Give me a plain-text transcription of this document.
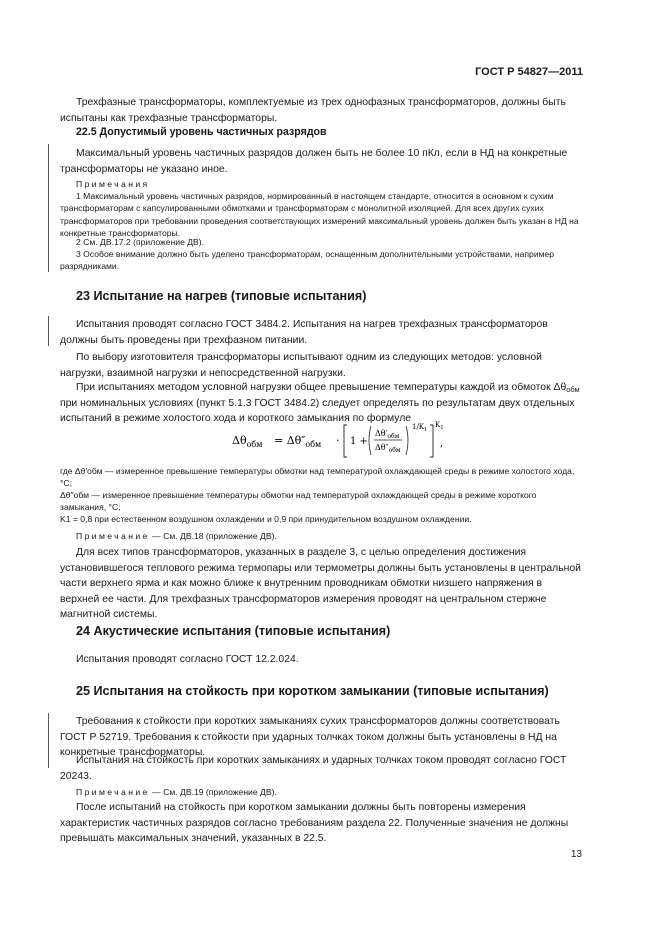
ГОСТ Р 54827—2011

Трехфазные трансформаторы, комплектуемые из трех однофазных трансформаторов, должны быть испытаны как трехфазные трансформаторы.

22.5 Допустимый уровень частичных разрядов

Максимальный уровень частичных разрядов должен быть не более 10 пКл, если в НД на конкретные трансформаторы не указано иное.

Примечания

1 Максимальный уровень частичных разрядов, нормированный в настоящем стандарте, относится в основном к сухим трансформаторам с капсулированными обмотками и трансформаторам с монолитной изоляцией. Для всех других сухих трансформаторов при требовании проведения соответствующих измерений максимальный уровень должен быть указан в НД на конкретные трансформаторы.

2 См. ДВ.17.2 (приложение ДВ).

3 Особое внимание должно быть уделено трансформаторам, оснащенным дополнительными устройствами, например разрядниками.

23 Испытание на нагрев (типовые испытания)

Испытания проводят согласно ГОСТ 3484.2. Испытания на нагрев трехфазных трансформаторов должны быть проведены при трехфазном питании.

По выбору изготовителя трансформаторы испытывают одним из следующих методов: условной нагрузки, взаимной нагрузки и непосредственной нагрузки.

При испытаниях методом условной нагрузки общее превышение температуры каждой из обмоток Δθобм при номинальных условиях (пункт 5.1.3 ГОСТ 3484.2) следует определять по результатам двух отдельных испытаний в режиме холостого хода и короткого замыкания по формуле

$\Delta\theta_{обм} = \Delta\theta''_{обм} \cdot 1$ +
$\Delta\theta'_{обм}$
$\Delta\theta''_{обм}$
$1/K_1$
$K_1$
,

где Δθ′обм — измеренное превышение температуры обмотки над температурой охлаждающей среды в режиме холостого хода, °С;

Δθ″обм — измеренное превышение температуры обмотки над температурой охлаждающей среды в режиме короткого замыкания, °С;

K1 = 0,8 при естественном воздушном охлаждении и 0,9 при принудительном воздушном охлаждении.

Примечание — См. ДВ.18 (приложение ДВ).

Для всех типов трансформаторов, указанных в разделе 3, с целью определения достижения установившегося теплового режима термопары или термометры должны быть установлены в центральной части верхнего ярма и как можно ближе к внутренним проводникам обмотки низшего напряжения в верхней ее части. Для трехфазных трансформаторов измерения проводят на центральном стержне магнитной системы.

24 Акустические испытания (типовые испытания)

Испытания проводят согласно ГОСТ 12.2.024.

25 Испытания на стойкость при коротком замыкании (типовые испытания)

Требования к стойкости при коротких замыканиях сухих трансформаторов должны соответствовать ГОСТ Р 52719. Требования к стойкости при ударных толчках током должны быть установлены в НД на конкретные трансформаторы.

Испытания на стойкость при коротких замыканиях и ударных толчках током проводят согласно ГОСТ 20243.

Примечание — См. ДВ.19 (приложение ДВ).

После испытаний на стойкость при коротком замыкании должны быть повторены измерения характеристик частичных разрядов согласно требованиям раздела 22. Полученные значения не должны превышать максимальных значений, указанных в 22.5.

13
